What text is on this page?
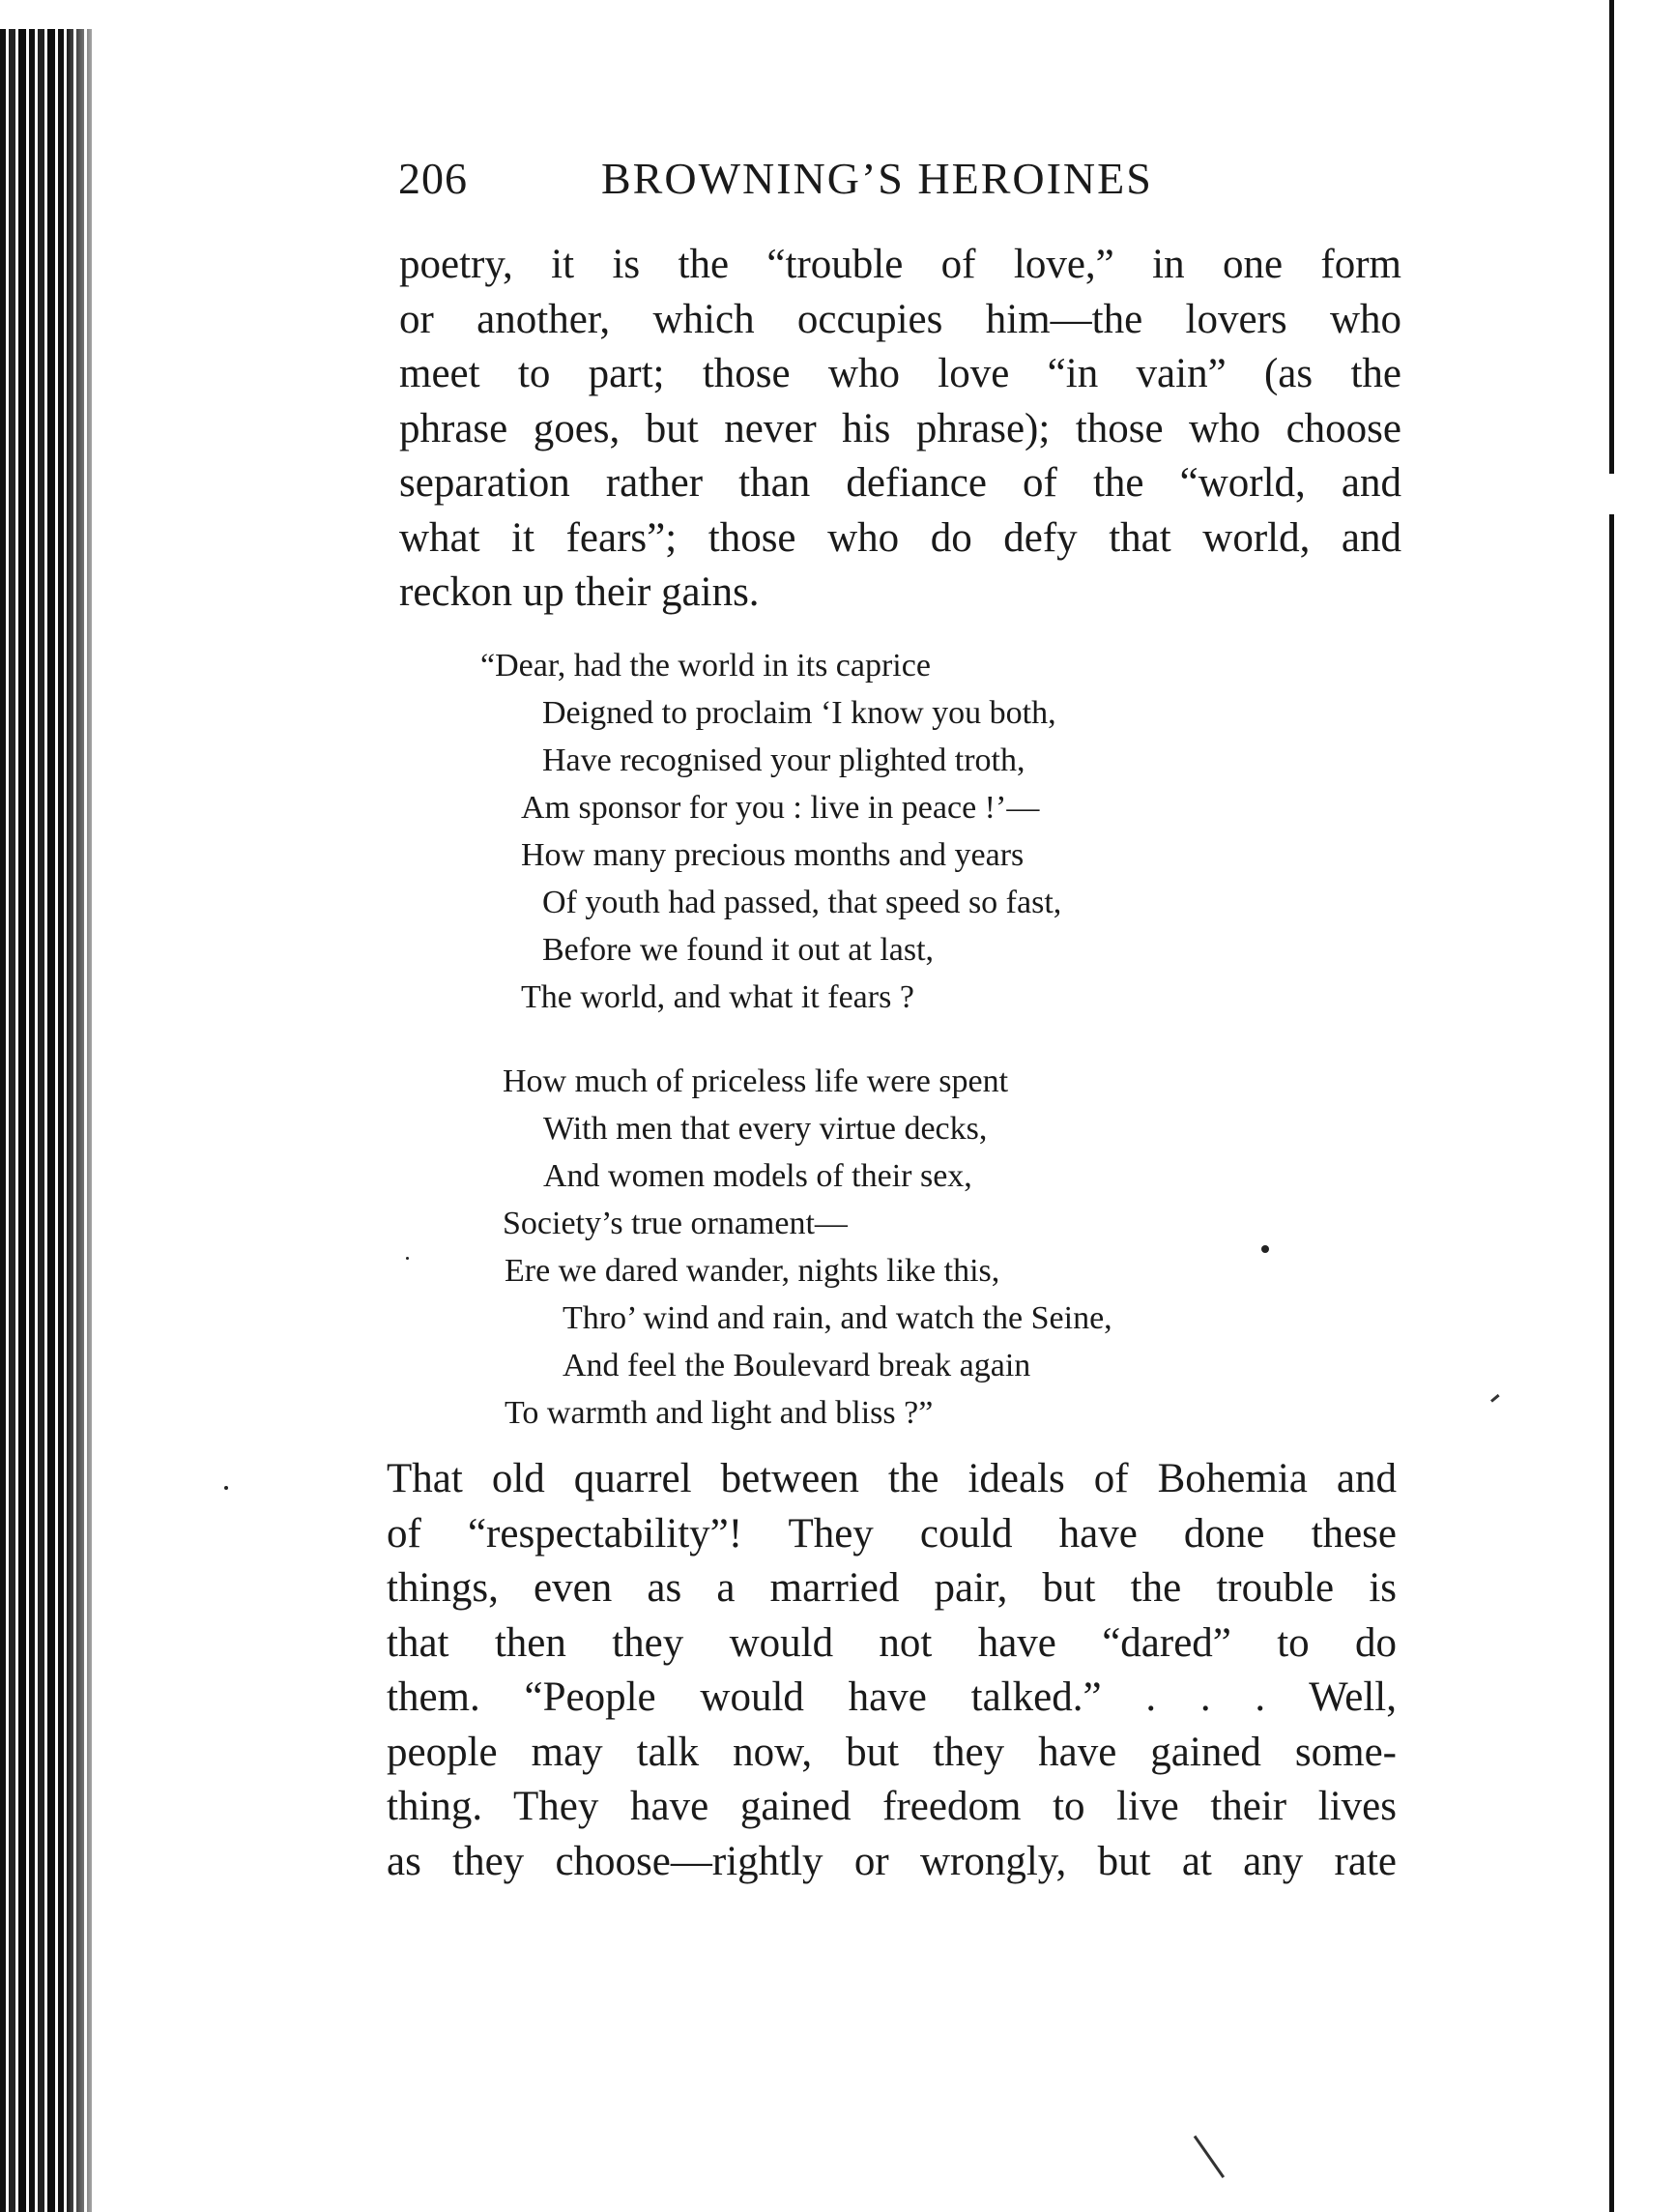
206	BROWNING’S HEROINES
poetry, it is the “trouble of love,” in one form
or another, which occupies him—the lovers who
meet to part; those who love “in vain” (as the
phrase goes, but never his phrase); those who choose
separation rather than defiance of the “world, and
what it fears”; those who do defy that world, and
reckon up their gains.
“Dear, had the world in its caprice
Deigned to proclaim ‘I know you both,
Have recognised your plighted troth,
Am sponsor for you : live in peace !’—
How many precious months and years
Of youth had passed, that speed so fast,
Before we found it out at last,
The world, and what it fears ?
How much of priceless life were spent
With men that every virtue decks,
And women models of their sex,
Society’s true ornament—
Ere we dared wander, nights like this,
Thro’ wind and rain, and watch the Seine,
And feel the Boulevard break again
To warmth and light and bliss ?”
That old quarrel between the ideals of Bohemia and
of “respectability”! They could have done these
things, even as a married pair, but the trouble is
that then they would not have “dared” to do
them. “People would have talked.” . . . Well,
people may talk now, but they have gained some-
thing. They have gained freedom to live their lives
as they choose—rightly or wrongly, but at any rate
